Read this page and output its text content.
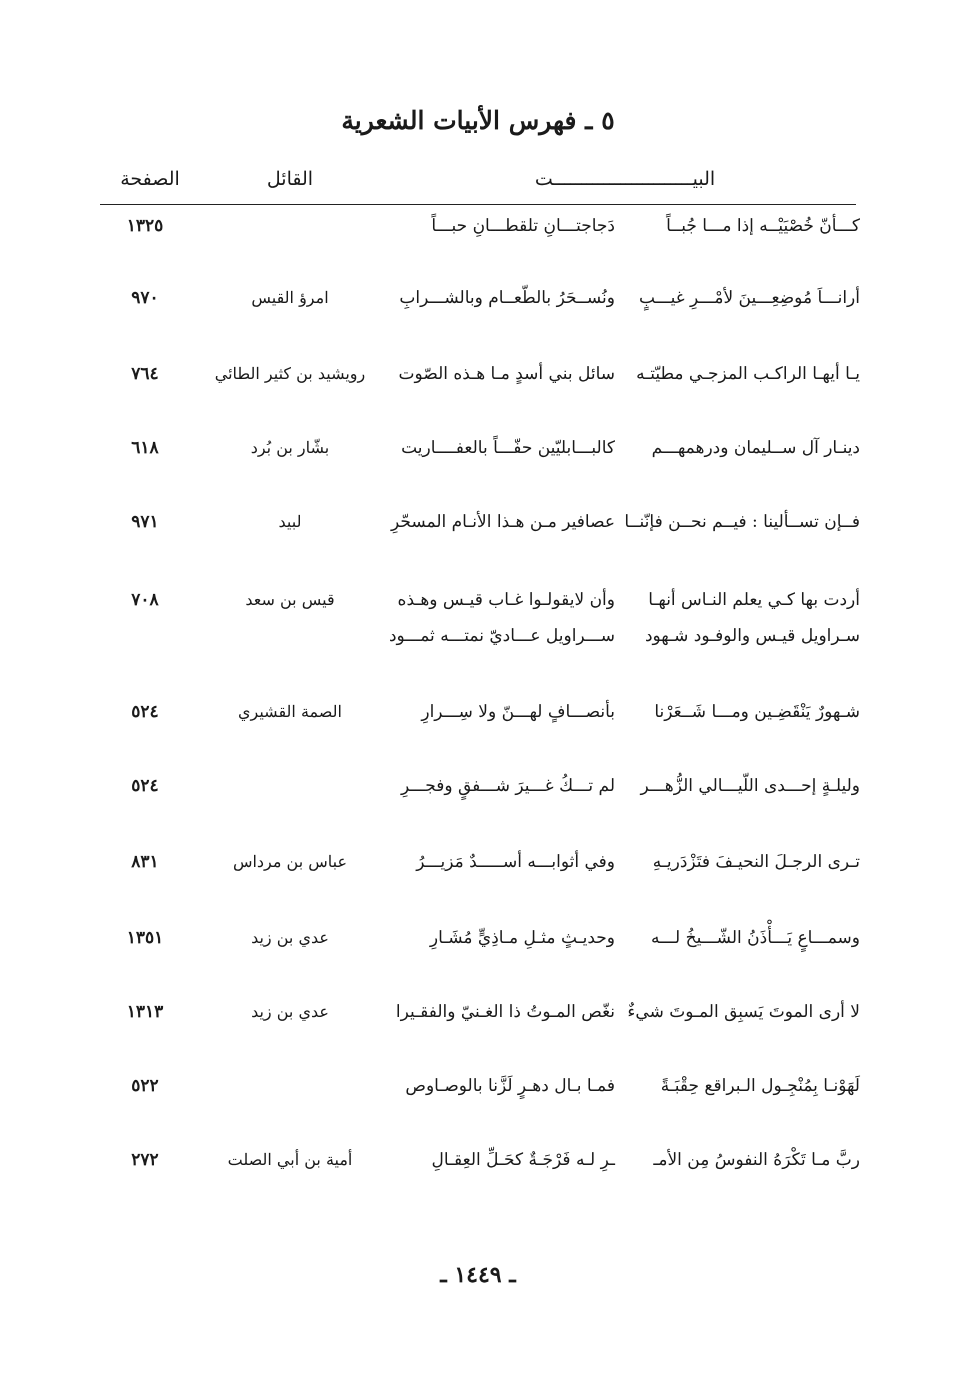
٥ ـ فهرس الأبيات الشعرية
الصفحة	القائل	البيـــــــــــــــــــــــــت
كـــأنّ خُصْيَيْــه إذا مـــا جُبــاً
دَجاجتـــانِ تلقطـــانِ حبـــاً
١٣٢٥
أرانـــاَ مُوضِعِـــينَ لأمْـــرِ غيـــبٍ
ونُســحَرُ بالطّعــام وبالشـــرابِ
امرؤ القيس
٩٧٠
يـا أيهـا الراكـب المزجـي مطيّتـه
سائل بني أسدٍ مـا هـذه الصّوت
رويشيد بن كثير الطائي
٧٦٤
دينـار آل ســليمان ودرهمهـــم
كالبـــابليّين حفّـــاً بالعفــــاريت
بشّار بن بُرد
٦١٨
فــإن تســألينا : فيــم نحــن فإنّنــا
عصافير مـن هـذا الأنـام المسحّرِ
لبيد
٩٧١
أردت بها كـي يعلم النـاس أنهـا
وأن لايقولـوا غـاب قيـس وهـذه
قيس بن سعد
٧٠٨
سـراويل قيـس والوفـود شـهود
ســـراويل عـــاديّ نمتـــه ثمـــود
شـهورٌ يَنْقَضِـين ومـــا شَــعَرْنا
بأنصـــافٍ لهـــنّ ولا سِـــرارِ
الصمة القشيري
٥٢٤
وليلـةٍ إحـــدى اللّيـــالي الزُّهـــر
لم تـــكُ غـــيرَ شـــفقٍ وفجـــرِ
٥٢٤
تـرى الرجـلَ النحيـفَ فتَزْدَريـهِ
وفي أثوابـــه أســـــدٌ مَزيـــرُ
عباس بن مرداس
٨٣١
وسمـــاعٍ يَـــأْذَنُ الشّـــيخُ لـــه
وحديـثٍ مثـلِ مـاذِيٍّ مُشَـارِ
عدي بن زيد
١٣٥١
لا أرى الموتَ يَسبِق المـوتَ شيءٌ
نغّص المـوتُ ذا الغـنيّ والفقـيرا
عدي بن زيد
١٣١٣
لَهَوْنـا بِمُنْجِـول الـبراقع حِقْبَـةً
فمـا بـال دهـرٍ لَزَّنا بالوصـاوص
٥٢٢
ربَّ مـا تَكْرَهُ النفوسُ مِن الأمـ
ـرِ لـه فَرْجَـةٌ كحَـلِّ العِقـالِ
أمية بن أبي الصلت
٢٧٢
ـ ١٤٤٩ ـ
